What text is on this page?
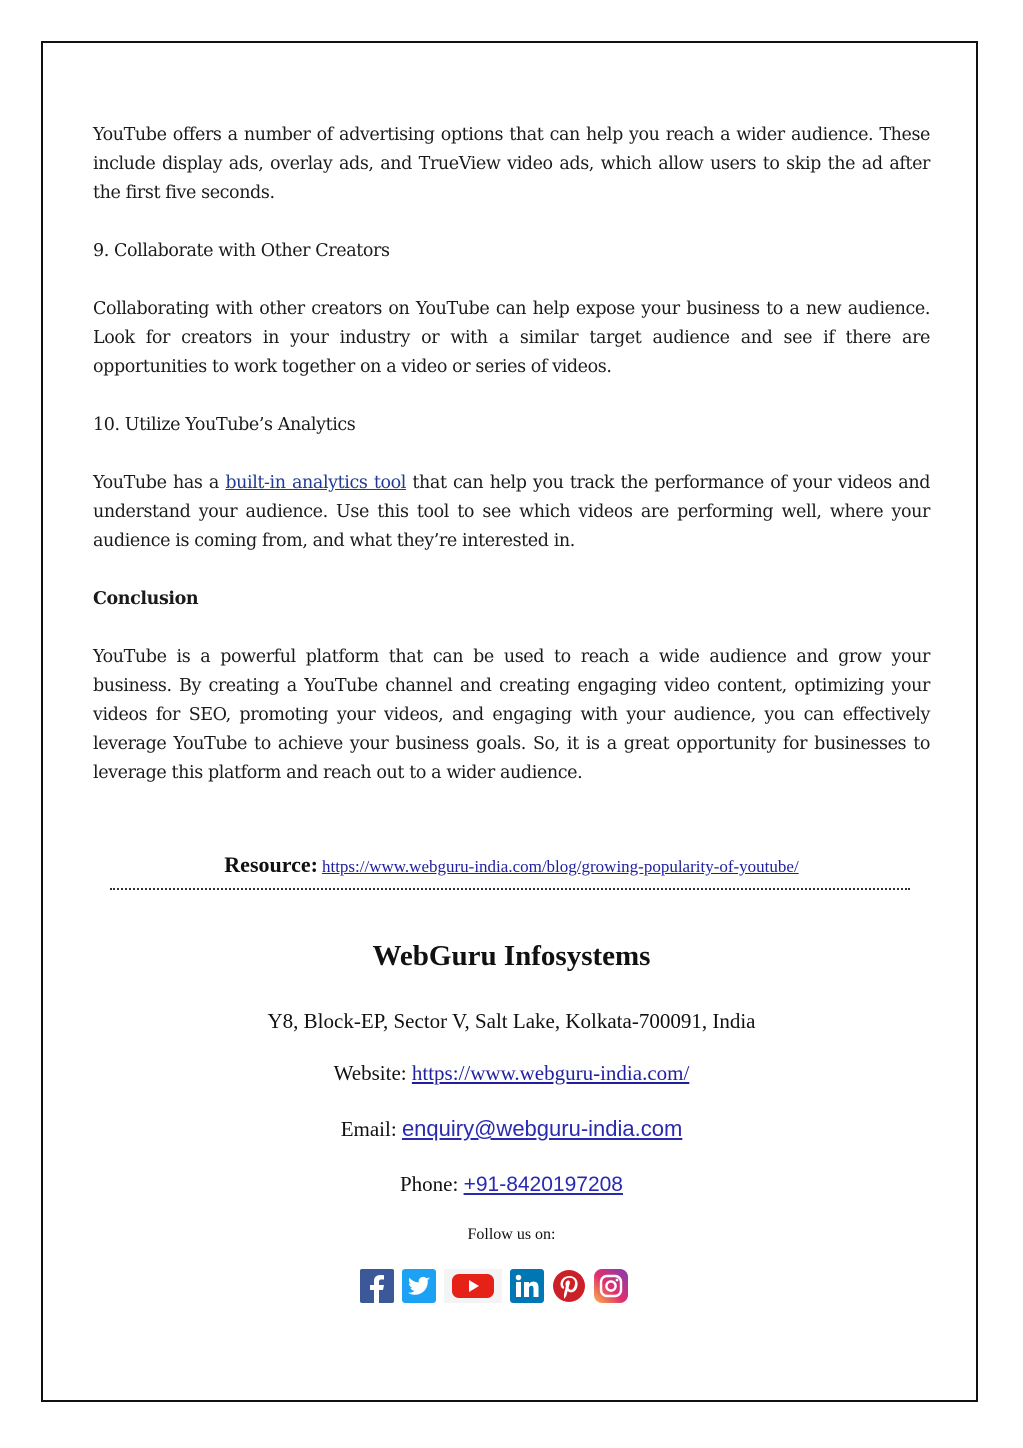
YouTube offers a number of advertising options that can help you reach a wider audience. These include display ads, overlay ads, and TrueView video ads, which allow users to skip the ad after the first five seconds.

9. Collaborate with Other Creators

Collaborating with other creators on YouTube can help expose your business to a new audience. Look for creators in your industry or with a similar target audience and see if there are opportunities to work together on a video or series of videos.

10. Utilize YouTube’s Analytics

YouTube has a built-in analytics tool that can help you track the performance of your videos and understand your audience. Use this tool to see which videos are performing well, where your audience is coming from, and what they’re interested in.

Conclusion

YouTube is a powerful platform that can be used to reach a wide audience and grow your business. By creating a YouTube channel and creating engaging video content, optimizing your videos for SEO, promoting your videos, and engaging with your audience, you can effectively leverage YouTube to achieve your business goals. So, it is a great opportunity for businesses to leverage this platform and reach out to a wider audience.

Resource: https://www.webguru-india.com/blog/growing-popularity-of-youtube/
WebGuru Infosystems
Y8, Block-EP, Sector V, Salt Lake, Kolkata-700091, India
Website: https://www.webguru-india.com/
Email: enquiry@webguru-india.com
Phone: +91-8420197208
Follow us on:
